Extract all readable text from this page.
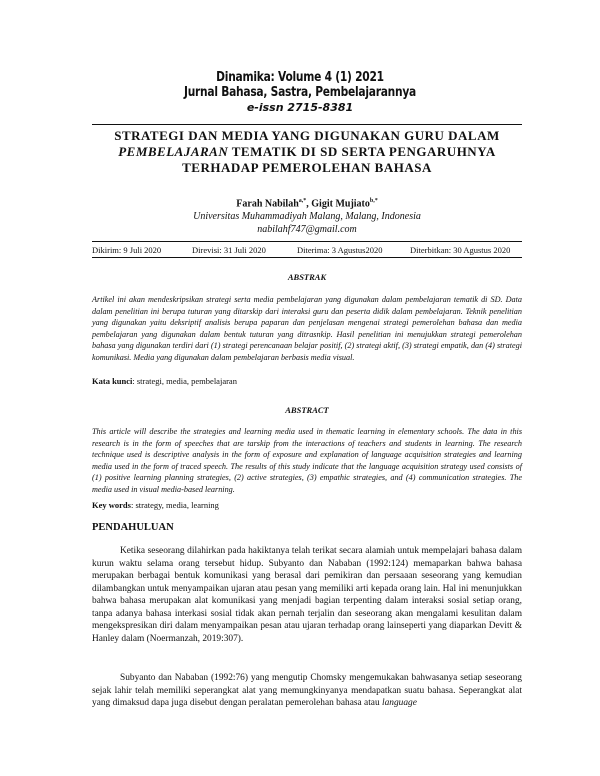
Dinamika: Volume 4 (1) 2021
Jurnal Bahasa, Sastra, Pembelajarannya
e-issn 2715-8381
STRATEGI DAN MEDIA YANG DIGUNAKAN GURU DALAM
PEMBELAJARAN TEMATIK DI SD SERTA PENGARUHNYA
TERHADAP PEMEROLEHAN BAHASA
Farah Nabilah$^{a,*}$, Gigit Mujiato$^{b,*}$
Universitas Muhammadiyah Malang, Malang, Indonesia
nabilahf747@gmail.com
Dikirim: 9 Juli 2020	Direvisi: 31 Juli 2020	Diterima: 3 Agustus2020	Diterbitkan: 30 Agustus 2020
ABSTRAK
Artikel ini akan mendeskripsikan strategi serta media pembelajaran yang digunakan dalam pembelajaran tematik di SD. Data dalam penelitian ini berupa tuturan yang ditarskip dari interaksi guru dan peserta didik dalam pembelajaran. Teknik penelitian yang digunakan yaitu deksriptif analisis berupa paparan dan penjelasan mengenai strategi pemerolehan bahasa dan media pembelajaran yang digunakan dalam bentuk tuturan yang ditrasnkip. Hasil penelitian ini menujukkan strategi pemerolehan bahasa yang digunakan terdiri dari (1) strategi perencanaan belajar positif, (2) strategi aktif, (3) strategi empatik, dan (4) strategi komunikasi. Media yang digunakan dalam pembelajaran berbasis media visual.
Kata kunci: strategi, media, pembelajaran
ABSTRACT
This article will describe the strategies and learning media used in thematic learning in elementary schools. The data in this research is in the form of speeches that are tarskip from the interactions of teachers and students in learning. The research technique used is descriptive analysis in the form of exposure and explanation of language acquisition strategies and learning media used in the form of traced speech. The results of this study indicate that the language acquisition strategy used consists of (1) positive learning planning strategies, (2) active strategies, (3) empathic strategies, and (4) communication strategies. The media used in visual media-based learning.
Key words: strategy, media, learning
PENDAHULUAN
Ketika seseorang dilahirkan pada hakiktanya telah terikat secara alamiah untuk mempelajari bahasa dalam kurun waktu selama orang tersebut hidup. Subyanto dan Nababan (1992:124) memaparkan bahwa bahasa merupakan berbagai bentuk komunikasi yang berasal dari pemikiran dan persaaan seseorang yang kemudian dilambangkan untuk menyampaikan ujaran atau pesan yang memiliki arti kepada orang lain. Hal ini menunjukkan bahwa bahasa merupakan alat komunikasi yang menjadi bagian terpenting dalam interaksi sosial setiap orang, tanpa adanya bahasa interkasi sosial tidak akan pernah terjalin dan seseorang akan mengalami kesulitan dalam mengekspresikan diri dalam menyampaikan pesan atau ujaran terhadap orang lainseperti yang diaparkan Devitt & Hanley dalam (Noermanzah, 2019:307).
Subyanto dan Nababan (1992:76) yang mengutip Chomsky mengemukakan bahwasanya setiap seseorang sejak lahir telah memiliki seperangkat alat yang memungkinyanya mendapatkan suatu bahasa. Seperangkat alat yang dimaksud dapa juga disebut dengan peralatan pemerolehan bahasa atau language
